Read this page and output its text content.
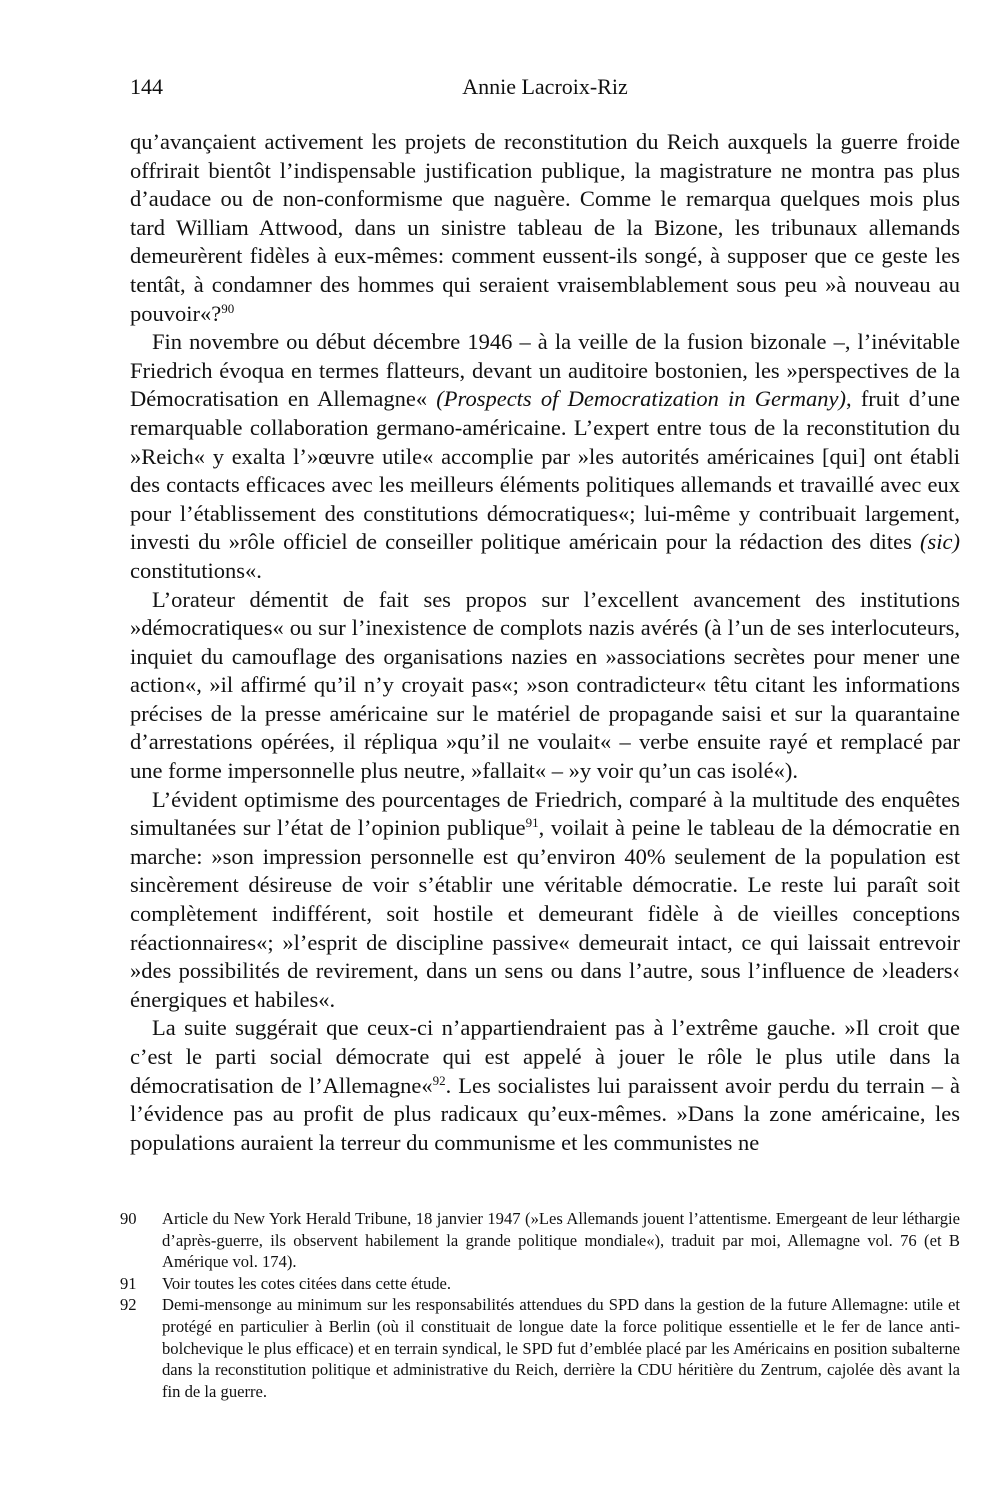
144	Annie Lacroix-Riz

qu’avançaient activement les projets de reconstitution du Reich auxquels la guerre froide offrirait bientôt l’indispensable justification publique, la magistrature ne montra pas plus d’audace ou de non-conformisme que naguère. Comme le remarqua quelques mois plus tard William Attwood, dans un sinistre tableau de la Bizone, les tribunaux allemands demeurèrent fidèles à eux-mêmes: comment eussent-ils songé, à supposer que ce geste les tentât, à condamner des hommes qui seraient vraisemblablement sous peu »à nouveau au pouvoir«?$^{90}$

Fin novembre ou début décembre 1946 – à la veille de la fusion bizonale –, l’inévitable Friedrich évoqua en termes flatteurs, devant un auditoire bostonien, les »perspectives de la Démocratisation en Allemagne« (Prospects of Democratization in Germany), fruit d’une remarquable collaboration germano-américaine. L’expert entre tous de la reconstitution du »Reich« y exalta l’»œuvre utile« accomplie par »les autorités américaines [qui] ont établi des contacts efficaces avec les meilleurs éléments politiques allemands et travaillé avec eux pour l’établissement des constitutions démocratiques«; lui-même y contribuait largement, investi du »rôle officiel de conseiller politique américain pour la rédaction des dites (sic) constitutions«.

L’orateur démentit de fait ses propos sur l’excellent avancement des institutions »démocratiques« ou sur l’inexistence de complots nazis avérés (à l’un de ses interlocuteurs, inquiet du camouflage des organisations nazies en »associations secrètes pour mener une action«, »il affirmé qu’il n’y croyait pas«; »son contradicteur« têtu citant les informations précises de la presse américaine sur le matériel de propagande saisi et sur la quarantaine d’arrestations opérées, il répliqua »qu’il ne voulait« – verbe ensuite rayé et remplacé par une forme impersonnelle plus neutre, »fallait« – »y voir qu’un cas isolé«).

L’évident optimisme des pourcentages de Friedrich, comparé à la multitude des enquêtes simultanées sur l’état de l’opinion publique$^{91}$, voilait à peine le tableau de la démocratie en marche: »son impression personnelle est qu’environ 40% seulement de la population est sincèrement désireuse de voir s’établir une véritable démocratie. Le reste lui paraît soit complètement indifférent, soit hostile et demeurant fidèle à de vieilles conceptions réactionnaires«; »l’esprit de discipline passive« demeurait intact, ce qui laissait entrevoir »des possibilités de revirement, dans un sens ou dans l’autre, sous l’influence de ›leaders‹ énergiques et habiles«.

La suite suggérait que ceux-ci n’appartiendraient pas à l’extrême gauche. »Il croit que c’est le parti social démocrate qui est appelé à jouer le rôle le plus utile dans la démocratisation de l’Allemagne«$^{92}$. Les socialistes lui paraissent avoir perdu du terrain – à l’évidence pas au profit de plus radicaux qu’eux-mêmes. »Dans la zone américaine, les populations auraient la terreur du communisme et les communistes ne

90 Article du New York Herald Tribune, 18 janvier 1947 (»Les Allemands jouent l’attentisme. Emergeant de leur léthargie d’après-guerre, ils observent habilement la grande politique mondiale«), traduit par moi, Allemagne vol. 76 (et B Amérique vol. 174).

91 Voir toutes les cotes citées dans cette étude.

92 Demi-mensonge au minimum sur les responsabilités attendues du SPD dans la gestion de la future Allemagne: utile et protégé en particulier à Berlin (où il constituait de longue date la force politique essentielle et le fer de lance anti-bolchevique le plus efficace) et en terrain syndical, le SPD fut d’emblée placé par les Américains en position subalterne dans la reconstitution politique et administrative du Reich, derrière la CDU héritière du Zentrum, cajolée dès avant la fin de la guerre.
